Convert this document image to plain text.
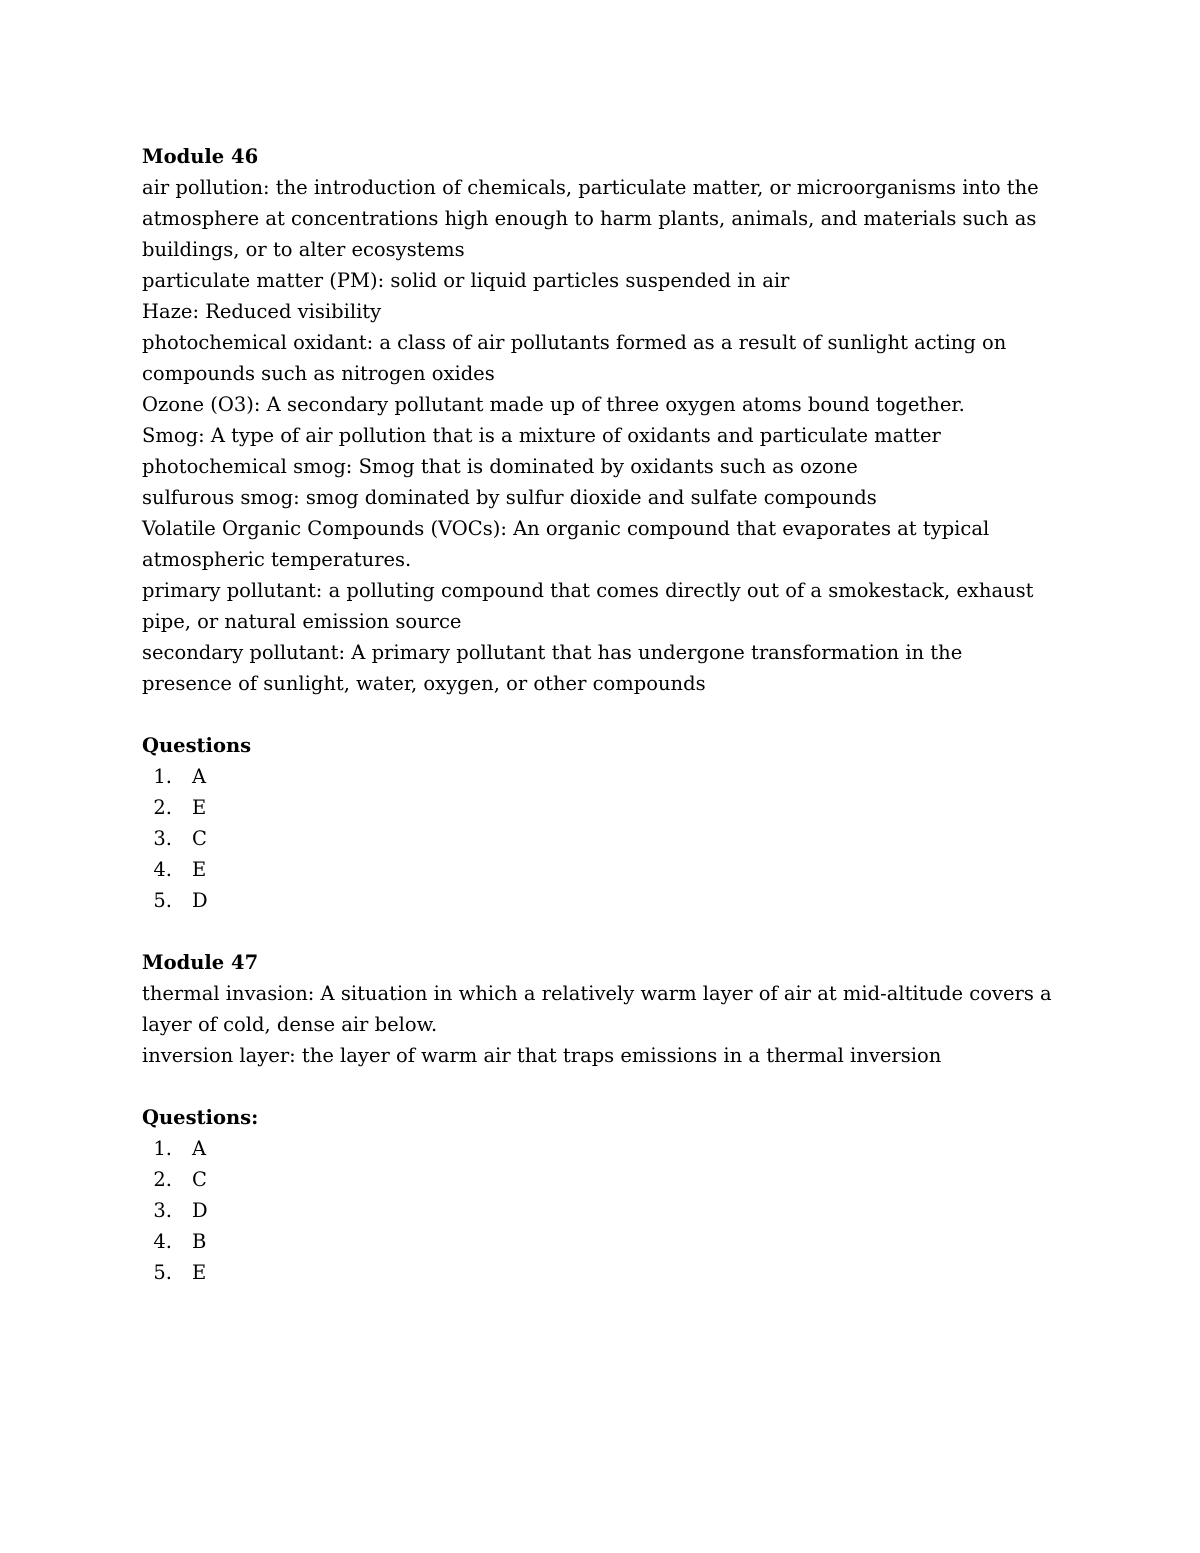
Module 46

air pollution: the introduction of chemicals, particulate matter, or microorganisms into the atmosphere at concentrations high enough to harm plants, animals, and materials such as buildings, or to alter ecosystems

particulate matter (PM): solid or liquid particles suspended in air

Haze: Reduced visibility

photochemical oxidant: a class of air pollutants formed as a result of sunlight acting on compounds such as nitrogen oxides

Ozone (O3): A secondary pollutant made up of three oxygen atoms bound together.

Smog: A type of air pollution that is a mixture of oxidants and particulate matter

photochemical smog: Smog that is dominated by oxidants such as ozone

sulfurous smog: smog dominated by sulfur dioxide and sulfate compounds

Volatile Organic Compounds (VOCs): An organic compound that evaporates at typical atmospheric temperatures.

primary pollutant: a polluting compound that comes directly out of a smokestack, exhaust pipe, or natural emission source

secondary pollutant: A primary pollutant that has undergone transformation in the presence of sunlight, water, oxygen, or other compounds

Questions

1.	A
2.	E
3.	C
4.	E
5.	D

Module 47

thermal invasion: A situation in which a relatively warm layer of air at mid-altitude covers a layer of cold, dense air below.

inversion layer: the layer of warm air that traps emissions in a thermal inversion

Questions:

1.	A
2.	C
3.	D
4.	B
5.	E
